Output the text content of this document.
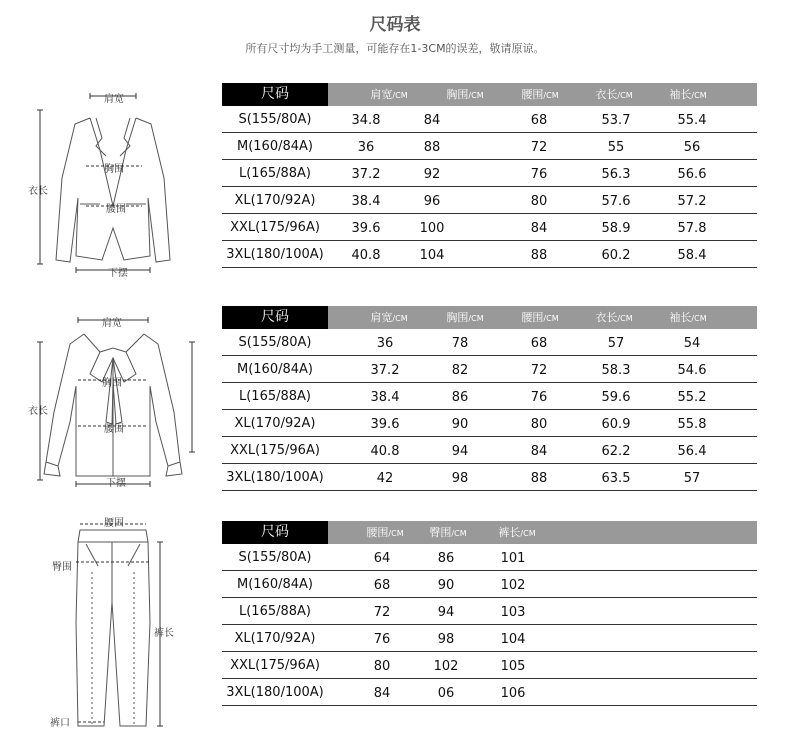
尺码表
所有尺寸均为手工测量，可能存在1-3CM的误差，敬请原谅。
肩宽
胸围
腰围
衣长
下摆
肩宽
胸围
腰围
衣长
下摆
腰围
臀围
裤长
裤口
尺码	肩宽/CM	胸围/CM	腰围/CM	衣长/CM	袖长/CM
S(155/80A)	34.8	84	68	53.7	55.4
M(160/84A)	36	88	72	55	56
L(165/88A)	37.2	92	76	56.3	56.6
XL(170/92A)	38.4	96	80	57.6	57.2
XXL(175/96A)	39.6	100	84	58.9	57.8
3XL(180/100A)	40.8	104	88	60.2	58.4
尺码	肩宽/CM	胸围/CM	腰围/CM	衣长/CM	袖长/CM
S(155/80A)	36	78	68	57	54
M(160/84A)	37.2	82	72	58.3	54.6
L(165/88A)	38.4	86	76	59.6	55.2
XL(170/92A)	39.6	90	80	60.9	55.8
XXL(175/96A)	40.8	94	84	62.2	56.4
3XL(180/100A)	42	98	88	63.5	57
尺码	腰围/CM	臀围/CM	裤长/CM
S(155/80A)	64	86	101
M(160/84A)	68	90	102
L(165/88A)	72	94	103
XL(170/92A)	76	98	104
XXL(175/96A)	80	102	105
3XL(180/100A)	84	06	106
